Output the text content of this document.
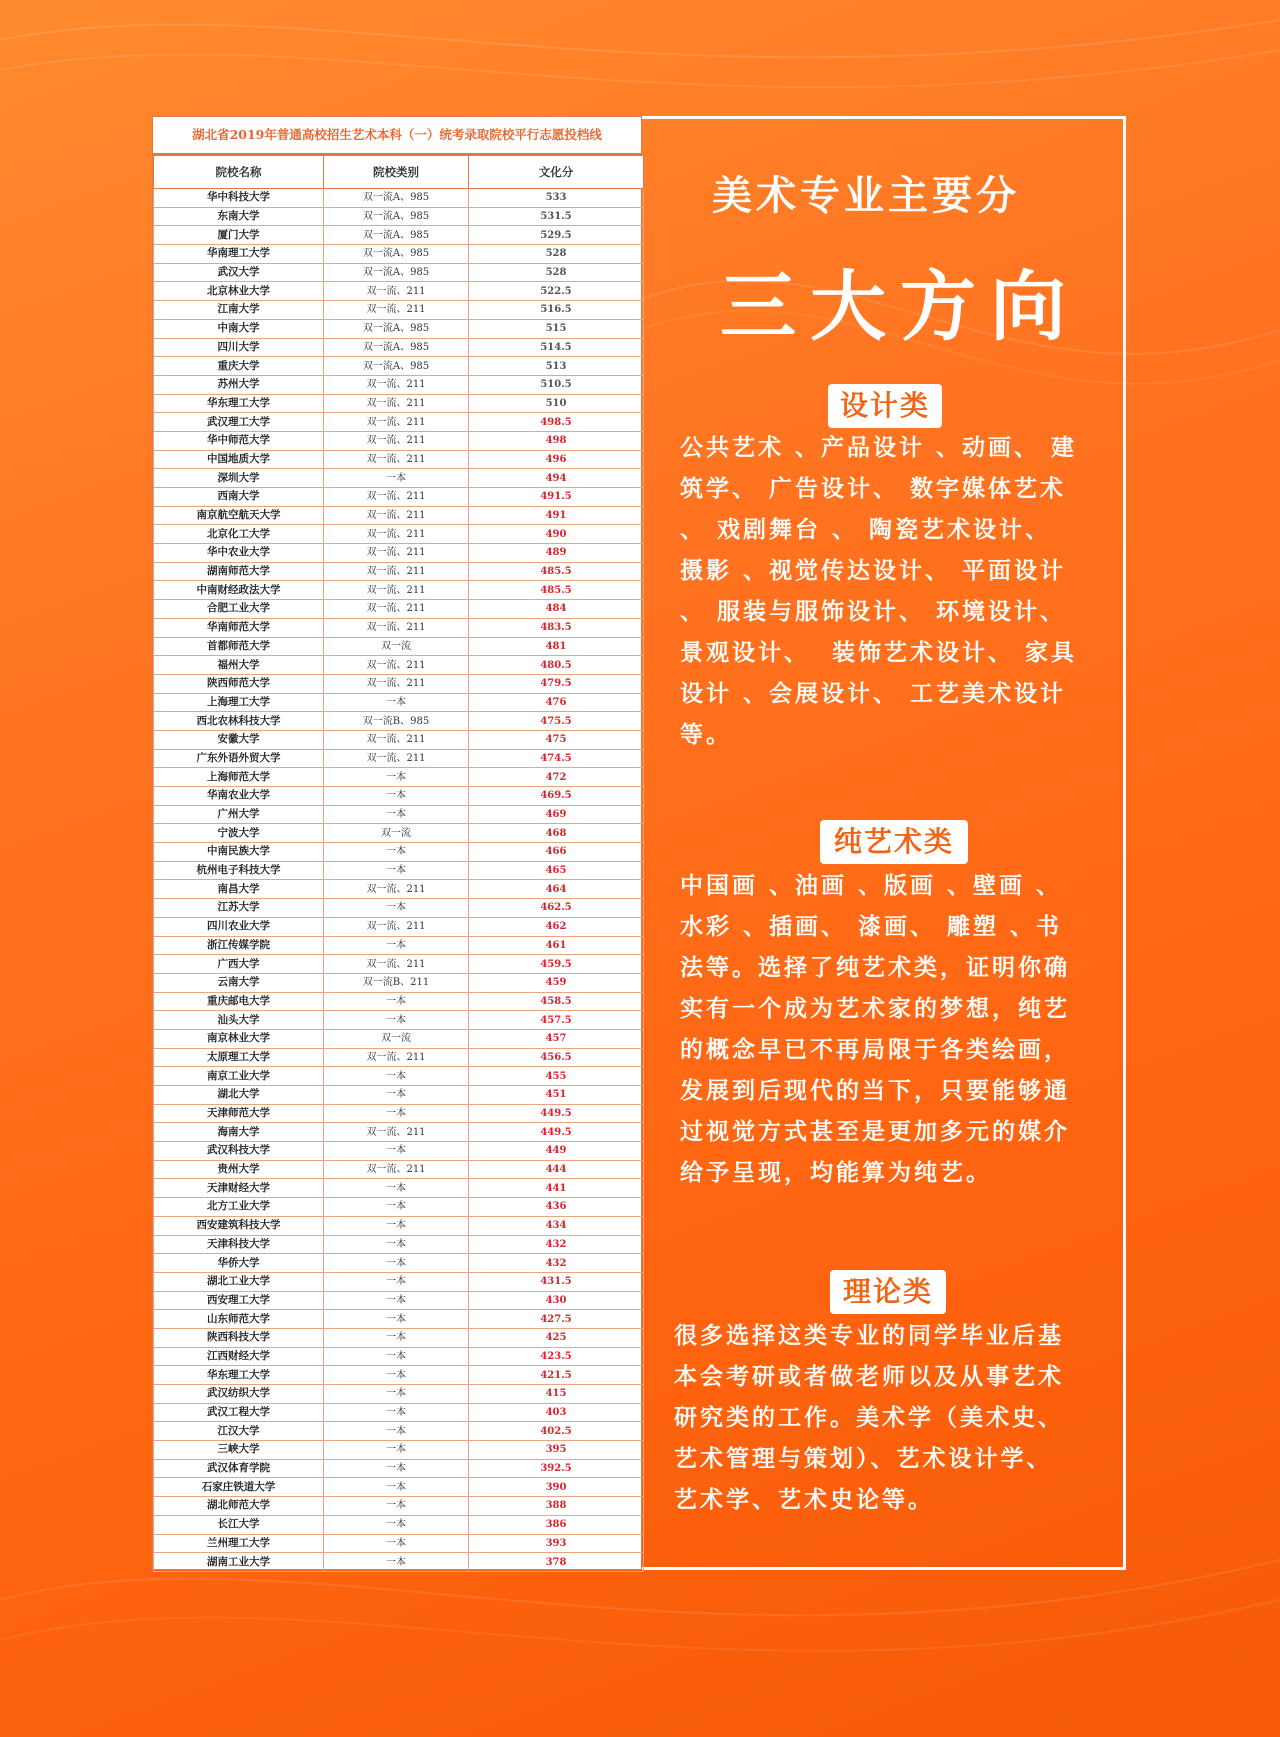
湖北省2019年普通高校招生艺术本科（一）统考录取院校平行志愿投档线
院校名称	院校类别	文化分
华中科技大学	双一流A、985	533
东南大学	双一流A、985	531.5
厦门大学	双一流A、985	529.5
华南理工大学	双一流A、985	528
武汉大学	双一流A、985	528
北京林业大学	双一流、211	522.5
江南大学	双一流、211	516.5
中南大学	双一流A、985	515
四川大学	双一流A、985	514.5
重庆大学	双一流A、985	513
苏州大学	双一流、211	510.5
华东理工大学	双一流、211	510
武汉理工大学	双一流、211	498.5
华中师范大学	双一流、211	498
中国地质大学	双一流、211	496
深圳大学	一本	494
西南大学	双一流、211	491.5
南京航空航天大学	双一流、211	491
北京化工大学	双一流、211	490
华中农业大学	双一流、211	489
湖南师范大学	双一流、211	485.5
中南财经政法大学	双一流、211	485.5
合肥工业大学	双一流、211	484
华南师范大学	双一流、211	483.5
首都师范大学	双一流	481
福州大学	双一流、211	480.5
陕西师范大学	双一流、211	479.5
上海理工大学	一本	476
西北农林科技大学	双一流B、985	475.5
安徽大学	双一流、211	475
广东外语外贸大学	双一流、211	474.5
上海师范大学	一本	472
华南农业大学	一本	469.5
广州大学	一本	469
宁波大学	双一流	468
中南民族大学	一本	466
杭州电子科技大学	一本	465
南昌大学	双一流、211	464
江苏大学	一本	462.5
四川农业大学	双一流、211	462
浙江传媒学院	一本	461
广西大学	双一流、211	459.5
云南大学	双一流B、211	459
重庆邮电大学	一本	458.5
汕头大学	一本	457.5
南京林业大学	双一流	457
太原理工大学	双一流、211	456.5
南京工业大学	一本	455
湖北大学	一本	451
天津师范大学	一本	449.5
海南大学	双一流、211	449.5
武汉科技大学	一本	449
贵州大学	双一流、211	444
天津财经大学	一本	441
北方工业大学	一本	436
西安建筑科技大学	一本	434
天津科技大学	一本	432
华侨大学	一本	432
湖北工业大学	一本	431.5
西安理工大学	一本	430
山东师范大学	一本	427.5
陕西科技大学	一本	425
江西财经大学	一本	423.5
华东理工大学	一本	421.5
武汉纺织大学	一本	415
武汉工程大学	一本	403
江汉大学	一本	402.5
三峡大学	一本	395
武汉体育学院	一本	392.5
石家庄铁道大学	一本	390
湖北师范大学	一本	388
长江大学	一本	386
兰州理工大学	一本	393
湖南工业大学	一本	378
美术专业主要分
三大方向
设计类
公共艺术 、产品设计 、动画、 建
筑学、 广告设计、 数字媒体艺术
、 戏剧舞台 、 陶瓷艺术设计、
摄影 、视觉传达设计、 平面设计
、 服装与服饰设计、 环境设计、
景观设计、  装饰艺术设计、 家具
设计 、会展设计、 工艺美术设计
等。
纯艺术类
中国画 、油画 、版画 、壁画 、
水彩 、插画、 漆画、 雕塑 、书
法等。选择了纯艺术类，证明你确
实有一个成为艺术家的梦想，纯艺
的概念早已不再局限于各类绘画，
发展到后现代的当下，只要能够通
过视觉方式甚至是更加多元的媒介
给予呈现，均能算为纯艺。
理论类
很多选择这类专业的同学毕业后基
本会考研或者做老师以及从事艺术
研究类的工作。美术学（美术史、
艺术管理与策划）、艺术设计学、
艺术学、艺术史论等。
